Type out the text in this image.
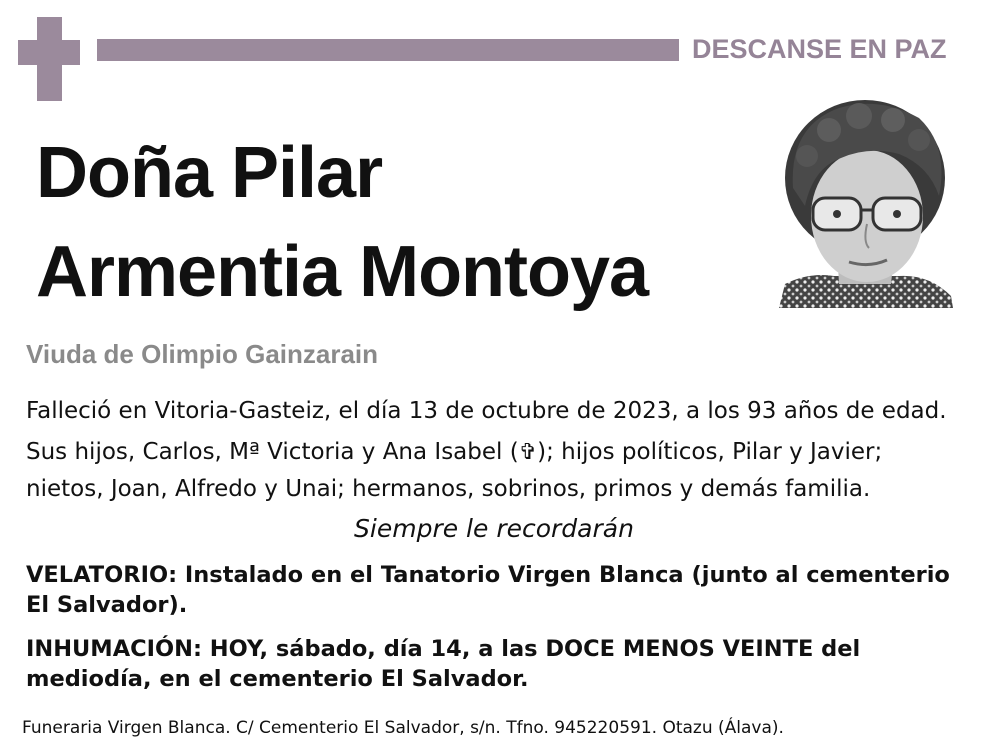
DESCANSE EN PAZ
Doña Pilar
Armentia Montoya
Viuda de Olimpio Gainzarain
Falleció en Vitoria-Gasteiz, el día 13 de octubre de 2023, a los 93 años de edad.
Sus hijos, Carlos, Mª Victoria y Ana Isabel (✞); hijos políticos, Pilar y Javier;
nietos, Joan, Alfredo y Unai; hermanos, sobrinos, primos y demás familia.
Siempre le recordarán
VELATORIO: Instalado en el Tanatorio Virgen Blanca (junto al cementerio El Salvador).
INHUMACIÓN: HOY, sábado, día 14, a las DOCE MENOS VEINTE del mediodía, en el cementerio El Salvador.
Funeraria Virgen Blanca. C/ Cementerio El Salvador, s/n. Tfno. 945220591. Otazu (Álava).
